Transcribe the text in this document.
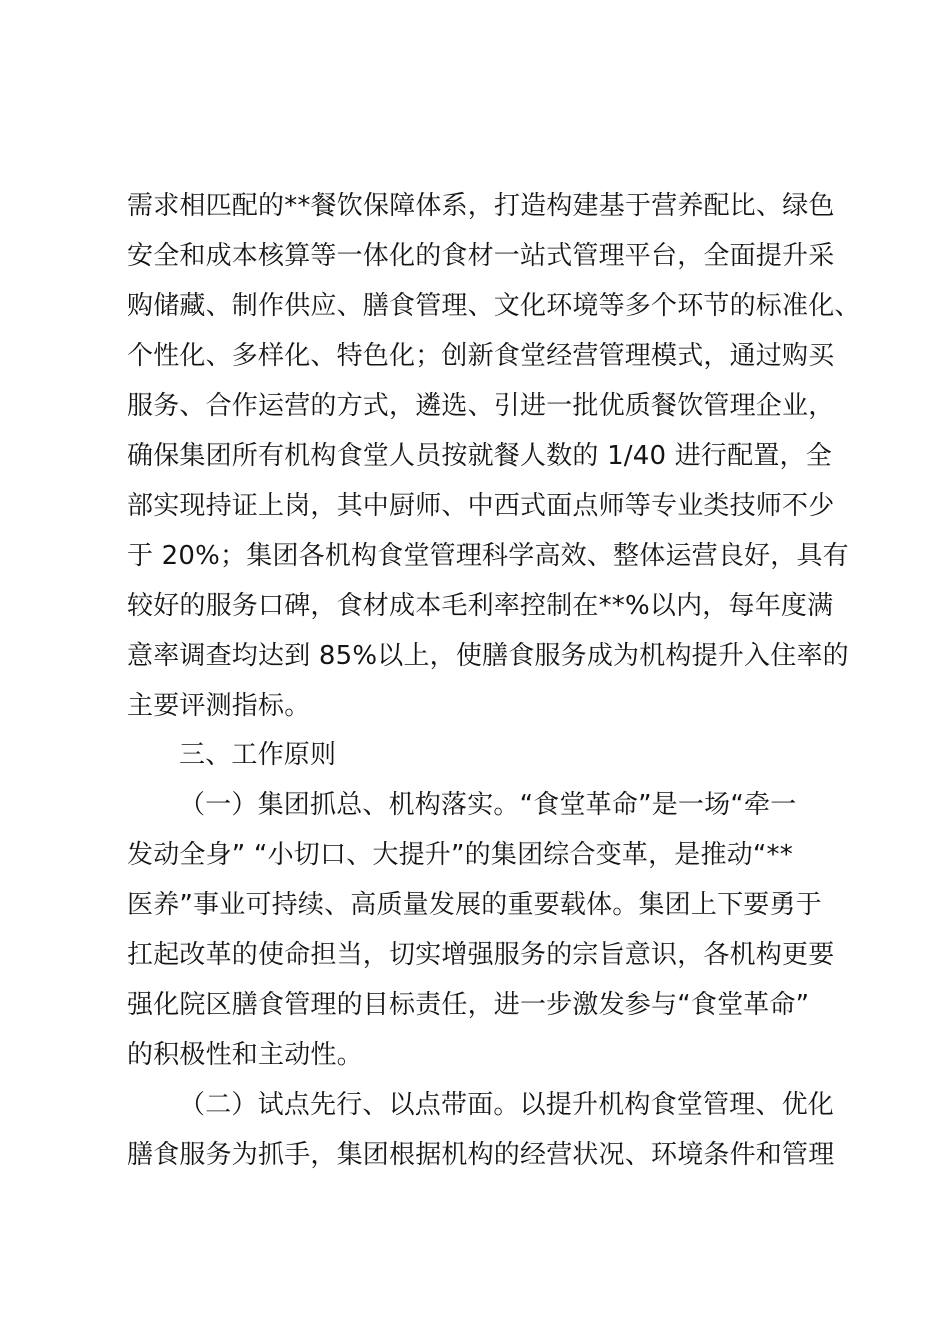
需求相匹配的**餐饮保障体系，打造构建基于营养配比、绿色
安全和成本核算等一体化的食材一站式管理平台，全面提升采
购储藏、制作供应、膳食管理、文化环境等多个环节的标准化、
个性化、多样化、特色化；创新食堂经营管理模式，通过购买
服务、合作运营的方式，遴选、引进一批优质餐饮管理企业，
确保集团所有机构食堂人员按就餐人数的 1/40 进行配置，全
部实现持证上岗，其中厨师、中西式面点师等专业类技师不少
于 20%；集团各机构食堂管理科学高效、整体运营良好，具有
较好的服务口碑，食材成本毛利率控制在**%以内，每年度满
意率调查均达到 85%以上，使膳食服务成为机构提升入住率的
主要评测指标。
三、工作原则
（一）集团抓总、机构落实。“食堂革命”是一场“牵一
发动全身” “小切口、大提升”的集团综合变革，是推动“**
医养”事业可持续、高质量发展的重要载体。集团上下要勇于
扛起改革的使命担当，切实增强服务的宗旨意识，各机构更要
强化院区膳食管理的目标责任，进一步激发参与“食堂革命”
的积极性和主动性。
（二）试点先行、以点带面。以提升机构食堂管理、优化
膳食服务为抓手，集团根据机构的经营状况、环境条件和管理
